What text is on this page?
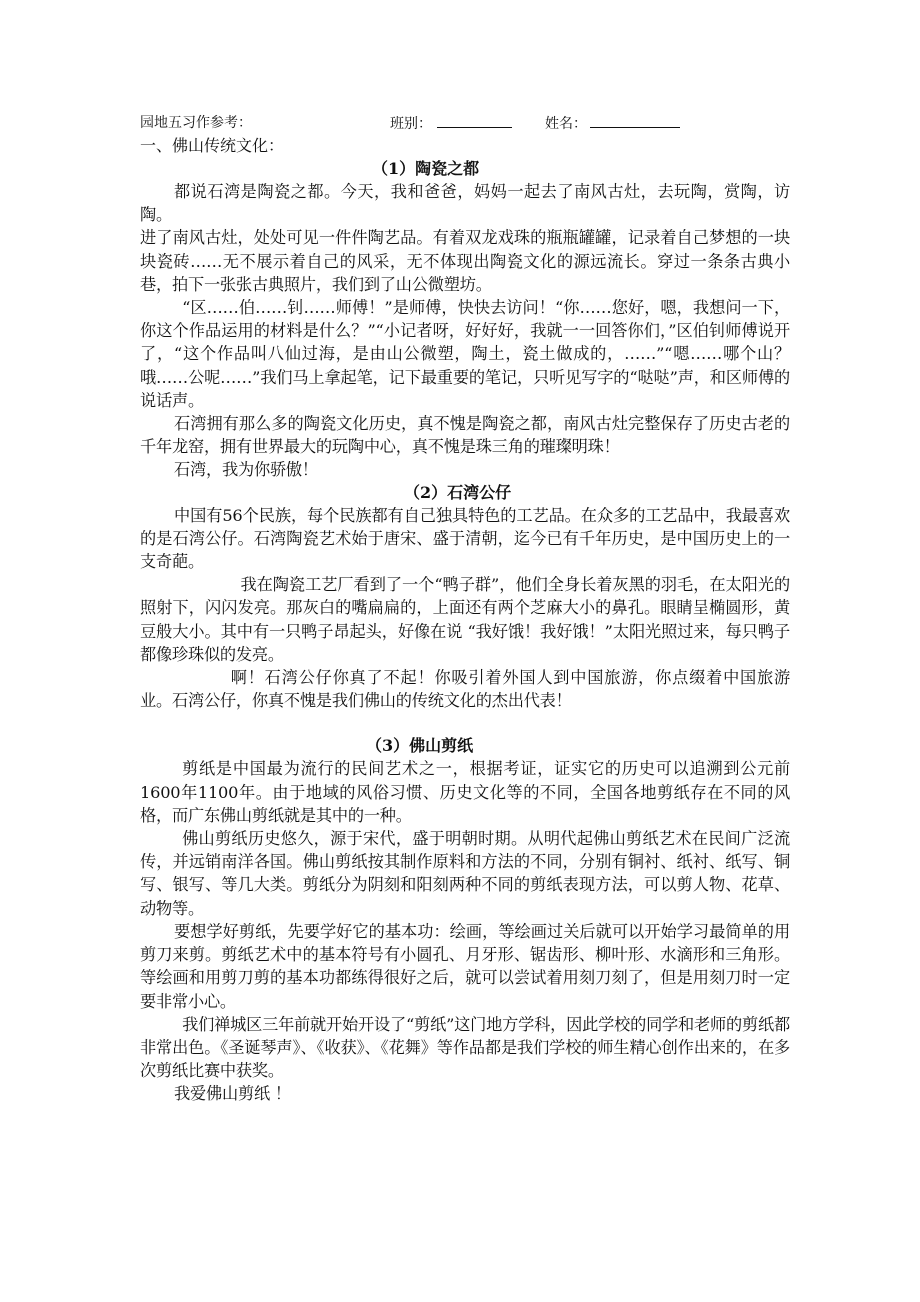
园地五习作参考：	班别：	姓名：
一、佛山传统文化：
（1）陶瓷之都

都说石湾是陶瓷之都。今天，我和爸爸，妈妈一起去了南风古灶，去玩陶，赏陶，访陶。

进了南风古灶，处处可见一件件陶艺品。有着双龙戏珠的瓶瓶罐罐，记录着自己梦想的一块块瓷砖……无不展示着自己的风采，无不体现出陶瓷文化的源远流长。穿过一条条古典小巷，拍下一张张古典照片，我们到了山公微塑坊。

“区……伯……钊……师傅！”是师傅，快快去访问！“你……您好，嗯，我想问一下，你这个作品运用的材料是什么？”“小记者呀，好好好，我就一一回答你们，”区伯钊师傅说开了，“这个作品叫八仙过海，是由山公微塑，陶土，瓷土做成的，……”“嗯……哪个山？哦……公呢……”我们马上拿起笔，记下最重要的笔记，只听见写字的“哒哒”声，和区师傅的说话声。

石湾拥有那么多的陶瓷文化历史，真不愧是陶瓷之都，南风古灶完整保存了历史古老的千年龙窑，拥有世界最大的玩陶中心，真不愧是珠三角的璀璨明珠！

石湾，我为你骄傲！

（2）石湾公仔

中国有56个民族，每个民族都有自己独具特色的工艺品。在众多的工艺品中，我最喜欢的是石湾公仔。石湾陶瓷艺术始于唐宋、盛于清朝，迄今已有千年历史，是中国历史上的一支奇葩。

我在陶瓷工艺厂看到了一个“鸭子群”，他们全身长着灰黑的羽毛，在太阳光的照射下，闪闪发亮。那灰白的嘴扁扁的，上面还有两个芝麻大小的鼻孔。眼睛呈椭圆形，黄豆般大小。其中有一只鸭子昂起头，好像在说 “我好饿！我好饿！”太阳光照过来，每只鸭子都像珍珠似的发亮。

啊！石湾公仔你真了不起！你吸引着外国人到中国旅游，你点缀着中国旅游业。石湾公仔，你真不愧是我们佛山的传统文化的杰出代表！

（3）佛山剪纸

剪纸是中国最为流行的民间艺术之一，根据考证，证实它的历史可以追溯到公元前1600年1100年。由于地域的风俗习惯、历史文化等的不同，全国各地剪纸存在不同的风格，而广东佛山剪纸就是其中的一种。

佛山剪纸历史悠久，源于宋代，盛于明朝时期。从明代起佛山剪纸艺术在民间广泛流传，并远销南洋各国。佛山剪纸按其制作原料和方法的不同，分别有铜衬、纸衬、纸写、铜写、银写、等几大类。剪纸分为阴刻和阳刻两种不同的剪纸表现方法，可以剪人物、花草、动物等。

要想学好剪纸，先要学好它的基本功：绘画，等绘画过关后就可以开始学习最简单的用剪刀来剪。剪纸艺术中的基本符号有小圆孔、月牙形、锯齿形、柳叶形、水滴形和三角形。等绘画和用剪刀剪的基本功都练得很好之后，就可以尝试着用刻刀刻了，但是用刻刀时一定要非常小心。

我们禅城区三年前就开始开设了“剪纸”这门地方学科，因此学校的同学和老师的剪纸都非常出色。《圣诞琴声》、《收获》、《花舞》等作品都是我们学校的师生精心创作出来的，在多次剪纸比赛中获奖。

我爱佛山剪纸 ！
